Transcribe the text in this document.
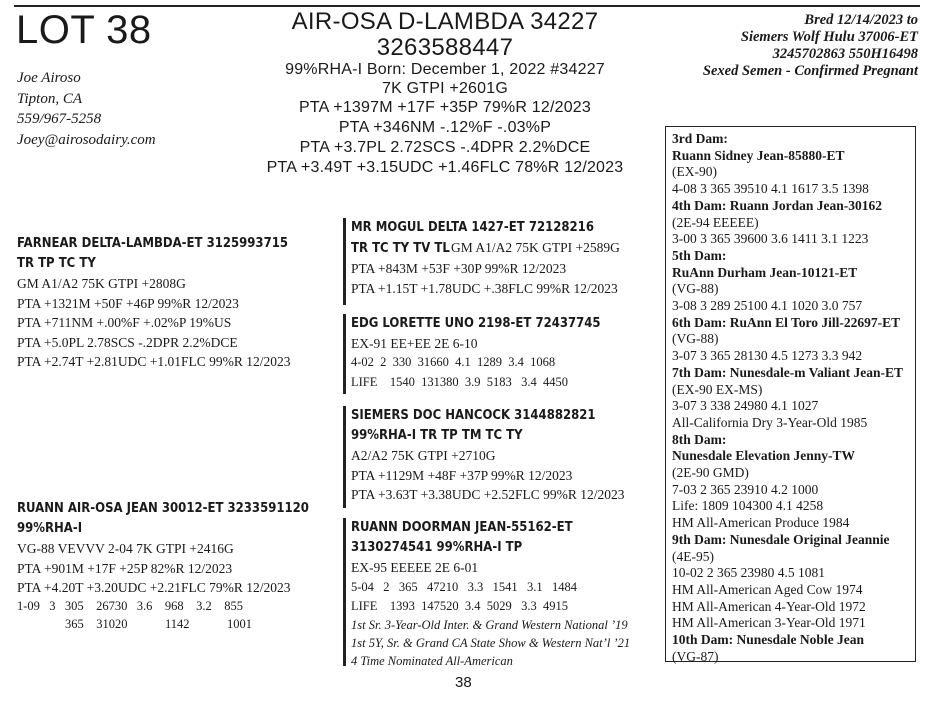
LOT 38
Joe Airoso
Tipton, CA
559/967-5258
Joey@airosodairy.com
AIR-OSA D-LAMBDA 34227
3263588447
99%RHA-I Born: December 1, 2022 #34227
7K GTPI +2601G
PTA +1397M +17F +35P 79%R 12/2023
PTA +346NM -.12%F -.03%P
PTA +3.7PL 2.72SCS -.4DPR 2.2%DCE
PTA +3.49T +3.15UDC +1.46FLC 78%R 12/2023
Bred 12/14/2023 to
Siemers Wolf Hulu 37006-ET
3245702863 550H16498
Sexed Semen - Confirmed Pregnant
FARNEAR DELTA-LAMBDA-ET 3125993715
TR TP TC TY
GM A1/A2 75K GTPI +2808G
PTA +1321M +50F +46P 99%R 12/2023
PTA +711NM +.00%F +.02%P 19%US
PTA +5.0PL 2.78SCS -.2DPR 2.2%DCE
PTA +2.74T +2.81UDC +1.01FLC 99%R 12/2023
MR MOGUL DELTA 1427-ET 72128216
TR TC TY TV TLGM A1/A2 75K GTPI +2589G
PTA +843M +53F +30P 99%R 12/2023
PTA +1.15T +1.78UDC +.38FLC 99%R 12/2023
EDG LORETTE UNO 2198-ET 72437745
EX-91 EE+EE 2E 6-10
4-02  2  330  31660  4.1  1289  3.4  1068
LIFE    1540  131380  3.9  5183   3.4  4450
SIEMERS DOC HANCOCK 3144882821
99%RHA-I TR TP TM TC TY
A2/A2 75K GTPI +2710G
PTA +1129M +48F +37P 99%R 12/2023
PTA +3.63T +3.38UDC +2.52FLC 99%R 12/2023
RUANN AIR-OSA JEAN 30012-ET 3233591120
99%RHA-I
VG-88 VEVVV 2-04 7K GTPI +2416G
PTA +901M +17F +25P 82%R 12/2023
PTA +4.20T +3.20UDC +2.21FLC 79%R 12/2023
1-09   3   305    26730   3.6    968    3.2    855
365    31020            1142            1001
RUANN DOORMAN JEAN-55162-ET
3130274541 99%RHA-I TP
EX-95 EEEEE 2E 6-01
5-04   2   365   47210   3.3   1541   3.1   1484
LIFE    1393  147520  3.4  5029   3.3  4915
1st Sr. 3-Year-Old Inter. & Grand Western National ’19
1st 5Y, Sr. & Grand CA State Show & Western Nat’l ’21
4 Time Nominated All-American
3rd Dam:
Ruann Sidney Jean-85880-ET
(EX-90)
4-08 3 365 39510 4.1 1617 3.5 1398
4th Dam: Ruann Jordan Jean-30162
(2E-94 EEEEE)
3-00 3 365 39600 3.6 1411 3.1 1223
5th Dam:
RuAnn Durham Jean-10121-ET
(VG-88)
3-08 3 289 25100 4.1 1020 3.0 757
6th Dam: RuAnn El Toro Jill-22697-ET
(VG-88)
3-07 3 365 28130 4.5 1273 3.3 942
7th Dam: Nunesdale-m Valiant Jean-ET
(EX-90 EX-MS)
3-07 3 338 24980 4.1 1027
All-California Dry 3-Year-Old 1985
8th Dam:
Nunesdale Elevation Jenny-TW
(2E-90 GMD)
7-03 2 365 23910 4.2 1000
Life: 1809 104300 4.1 4258
HM All-American Produce 1984
9th Dam: Nunesdale Original Jeannie
(4E-95)
10-02 2 365 23980 4.5 1081
HM All-American Aged Cow 1974
HM All-American 4-Year-Old 1972
HM All-American 3-Year-Old 1971
10th Dam: Nunesdale Noble Jean
(VG-87)
38
